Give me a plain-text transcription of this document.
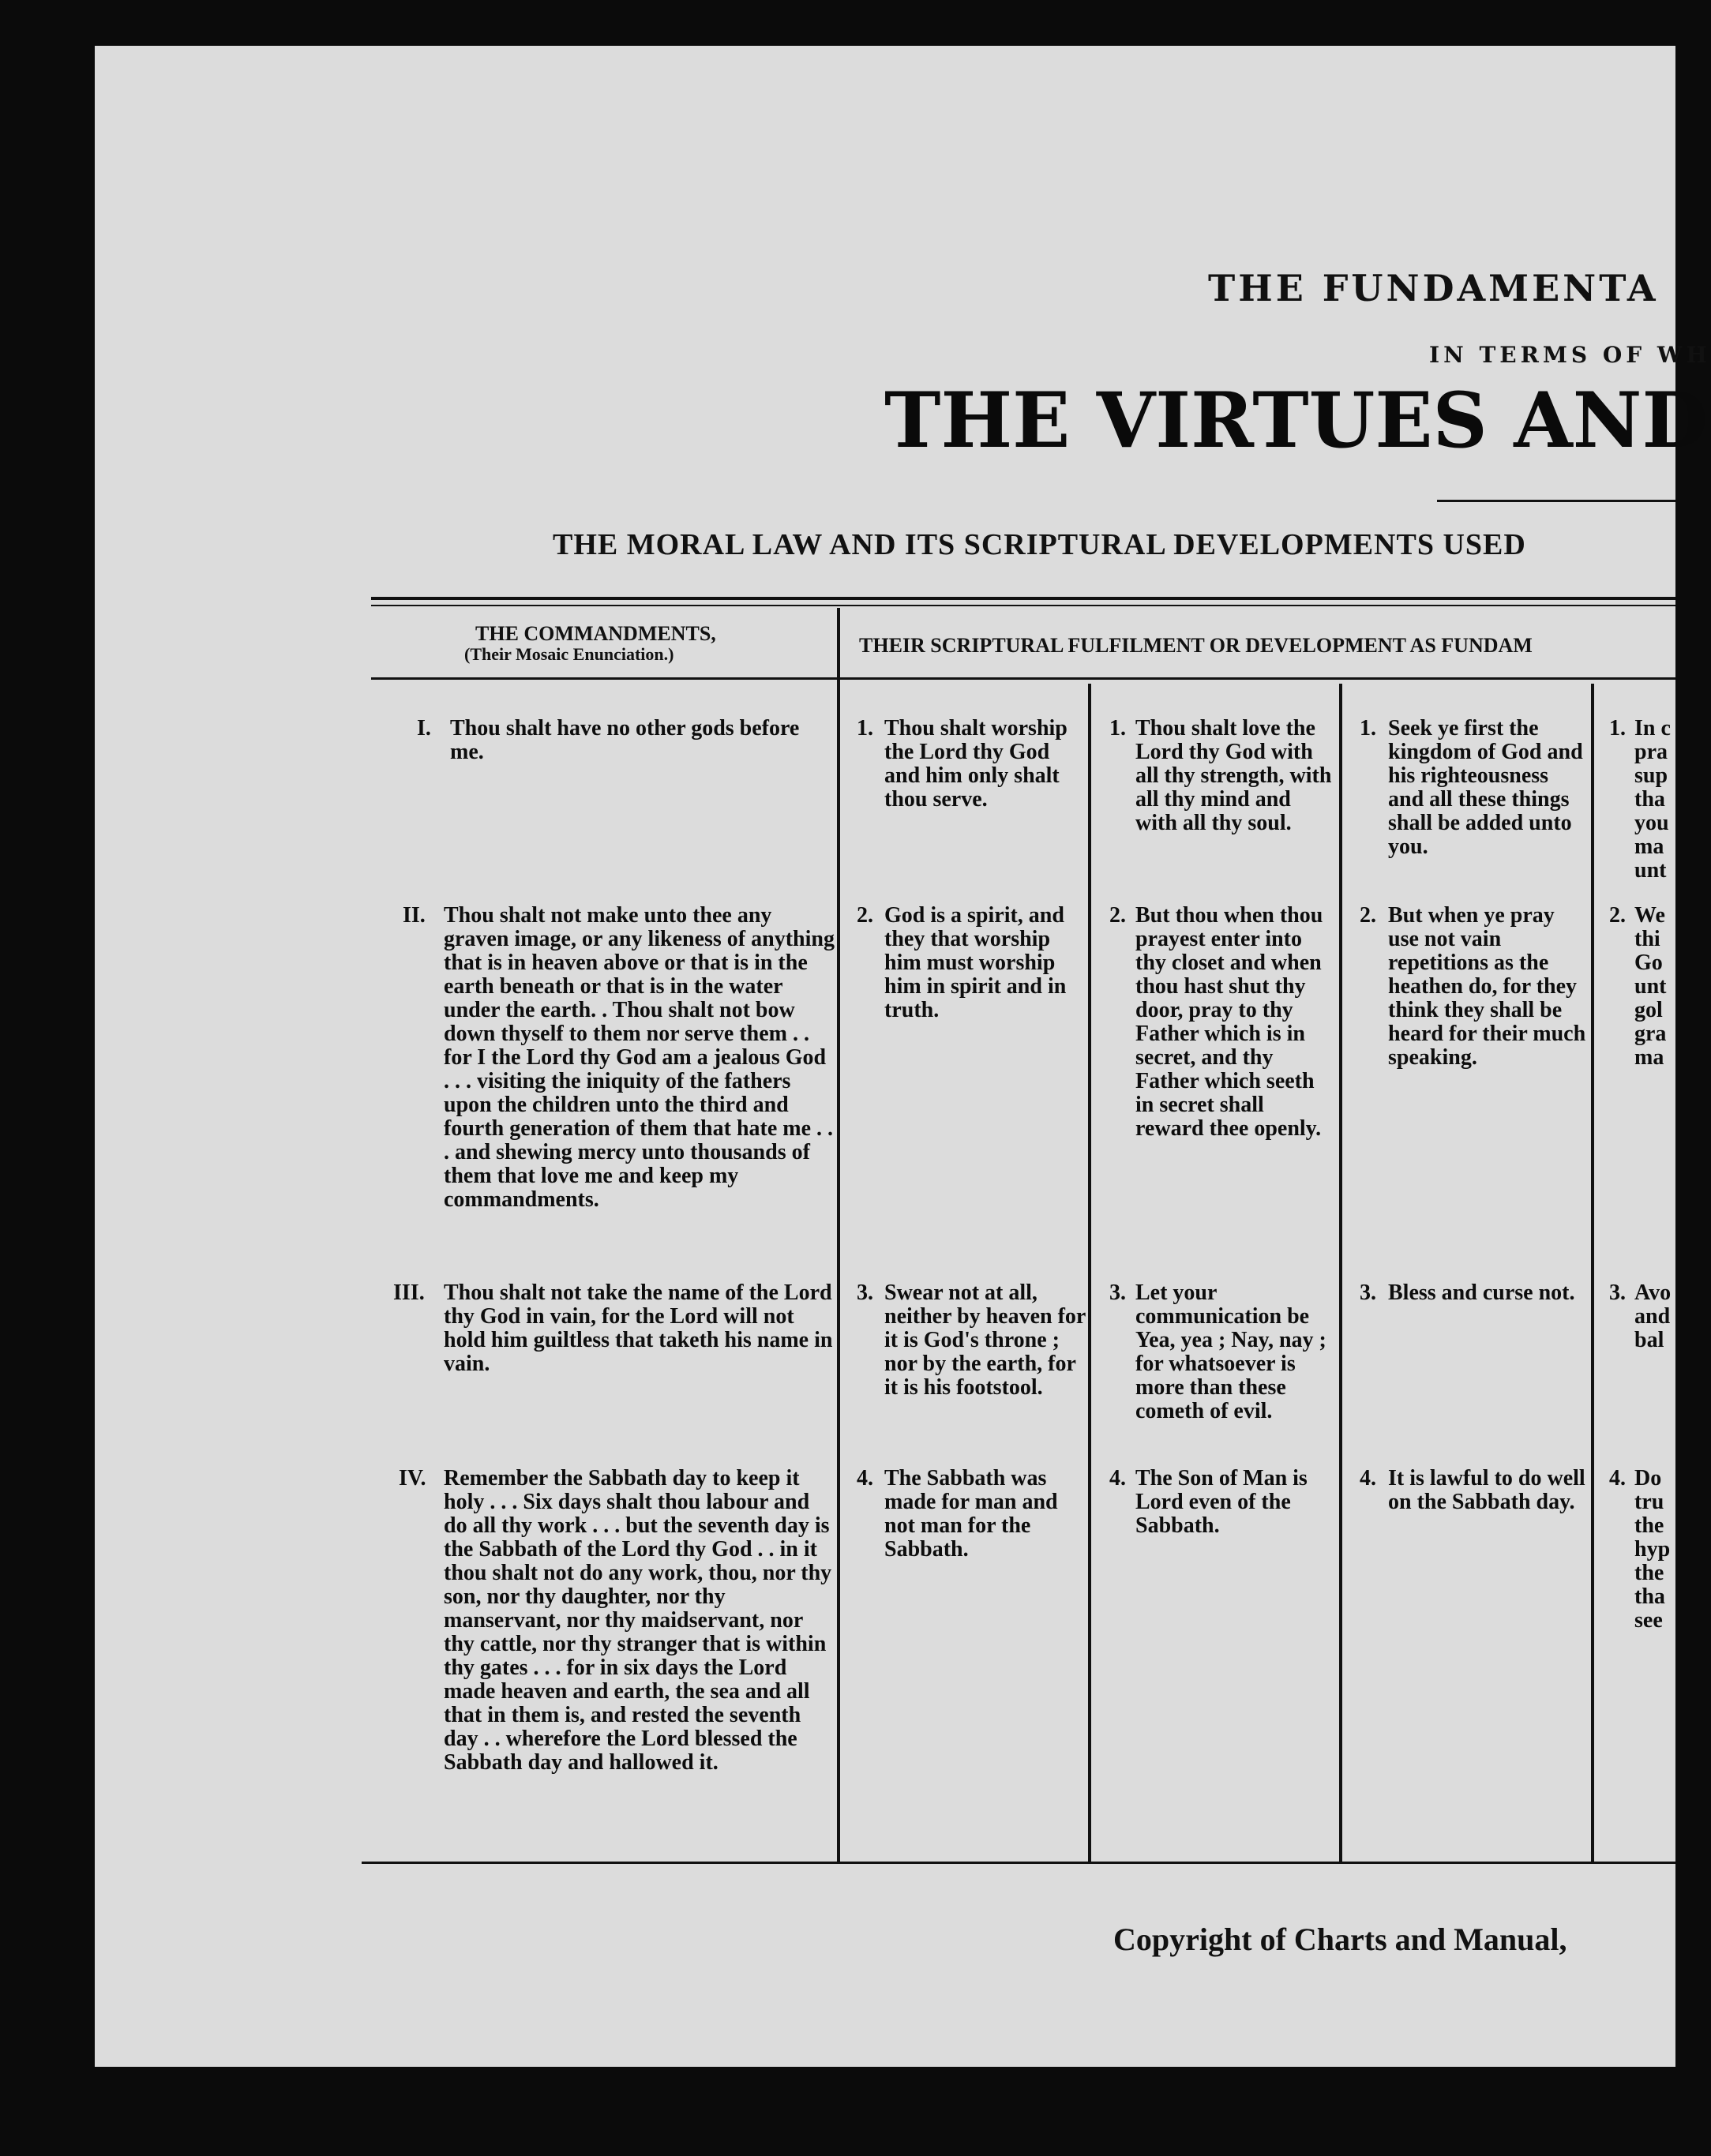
THE FUNDAMENTA
IN TERMS OF WH
THE VIRTUES AND
THE MORAL LAW AND ITS SCRIPTURAL DEVELOPMENTS USED
THE COMMANDMENTS,
(Their Mosaic Enunciation.)	THEIR SCRIPTURAL FULFILMENT OR DEVELOPMENT AS FUNDAM
I. Thou shalt have no other gods before me.
1. Thou shalt worship the Lord thy God and him only shalt thou serve.
1. Thou shalt love the Lord thy God with all thy strength, with all thy mind and with all thy soul.
1. Seek ye first the kingdom of God and his righteousness and all these things shall be added unto you.
1. In c pra sup tha you ma unt
II. Thou shalt not make unto thee any graven image, or any likeness of anything that is in heaven above or that is in the earth beneath or that is in the water under the earth. . Thou shalt not bow down thyself to them nor serve them . . for I the Lord thy God am a jealous God . . . visiting the iniquity of the fathers upon the children unto the third and fourth generation of them that hate me . . . and shewing mercy unto thousands of them that love me and keep my commandments.
2. God is a spirit, and they that worship him must worship him in spirit and in truth.
2. But thou when thou prayest enter into thy closet and when thou hast shut thy door, pray to thy Father which is in secret, and thy Father which seeth in secret shall reward thee openly.
2. But when ye pray use not vain repetitions as the heathen do, for they think they shall be heard for their much speaking.
2. We thi Go unt gol gra ma
III. Thou shalt not take the name of the Lord thy God in vain, for the Lord will not hold him guiltless that taketh his name in vain.
3. Swear not at all, neither by heaven for it is God's throne ; nor by the earth, for it is his footstool.
3. Let your communication be Yea, yea ; Nay, nay ; for whatsoever is more than these cometh of evil.
3. Bless and curse not.	3. Avo and bal
IV. Remember the Sabbath day to keep it holy . . . Six days shalt thou labour and do all thy work . . . but the seventh day is the Sabbath of the Lord thy God . . in it thou shalt not do any work, thou, nor thy son, nor thy daughter, nor thy manservant, nor thy maidservant, nor thy cattle, nor thy stranger that is within thy gates . . . for in six days the Lord made heaven and earth, the sea and all that in them is, and rested the seventh day . . wherefore the Lord blessed the Sabbath day and hallowed it.
4. The Sabbath was made for man and not man for the Sabbath.
4. The Son of Man is Lord even of the Sabbath.
4. It is lawful to do well on the Sabbath day.
4. Do tru the hyp the tha see
Copyright of Charts and Manual,
